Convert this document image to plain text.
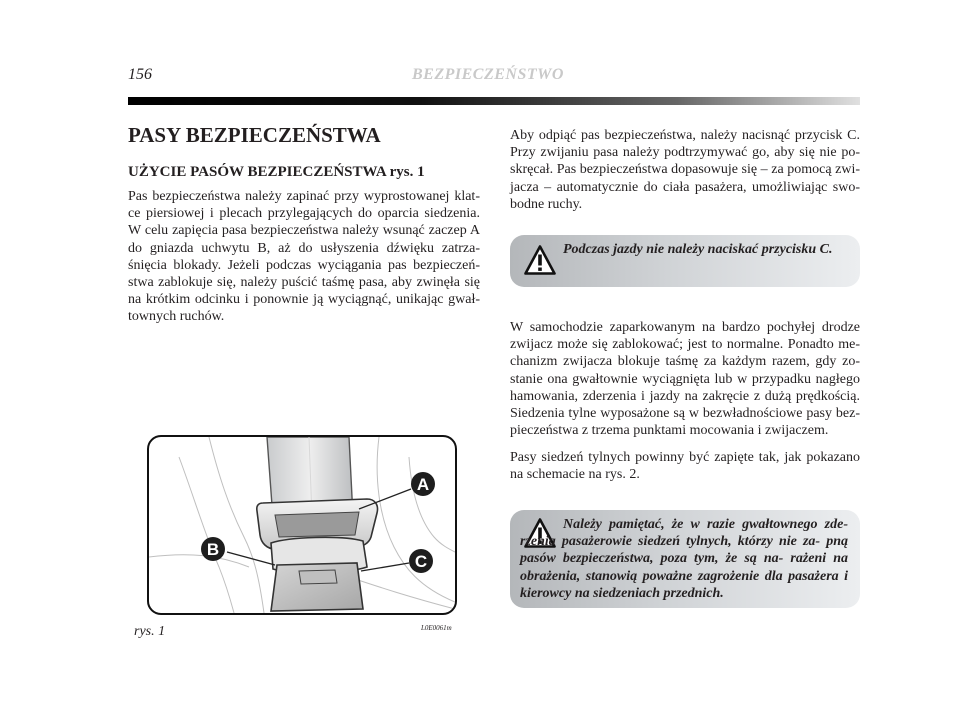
156	BEZPIECZEŃSTWO
PASY BEZPIECZEŃSTWA
UŻYCIE PASÓW BEZPIECZEŃSTWA rys. 1

Pas bezpieczeństwa należy zapinać przy wyprostowanej klat- ce piersiowej i plecach przylegających do oparcia siedzenia. W celu zapięcia pasa bezpieczeństwa należy wsunąć zaczep A do gniazda uchwytu B, aż do usłyszenia dźwięku zatrza- śnięcia blokady. Jeżeli podczas wyciągania pas bezpieczeń- stwa zablokuje się, należy puścić taśmę pasa, aby zwinęła się na krótkim odcinku i ponownie ją wyciągnąć, unikając gwał- townych ruchów.

Aby odpiąć pas bezpieczeństwa, należy nacisnąć przycisk C. Przy zwijaniu pasa należy podtrzymywać go, aby się nie po- skręcał. Pas bezpieczeństwa dopasowuje się – za pomocą zwi- jacza – automatycznie do ciała pasażera, umożliwiając swo- bodne ruchy.

Podczas jazdy nie należy naciskać przycisku C.

W samochodzie zaparkowanym na bardzo pochyłej drodze zwijacz może się zablokować; jest to normalne. Ponadto me- chanizm zwijacza blokuje taśmę za każdym razem, gdy zo- stanie ona gwałtownie wyciągnięta lub w przypadku nagłego hamowania, zderzenia i jazdy na zakręcie z dużą prędkością. Siedzenia tylne wyposażone są w bezwładnościowe pasy bez- pieczeństwa z trzema punktami mocowania i zwijaczem.

Pasy siedzeń tylnych powinny być zapięte tak, jak pokazano na schemacie na rys. 2.

Należy pamiętać, że w razie gwałtownego zde- rzenia pasażerowie siedzeń tylnych, którzy nie za- pną pasów bezpieczeństwa, poza tym, że są na- rażeni na obrażenia, stanowią poważne zagrożenie dla pasażera i kierowcy na siedzeniach przednich.

A
B
C
rys. 1	L0E0061m
